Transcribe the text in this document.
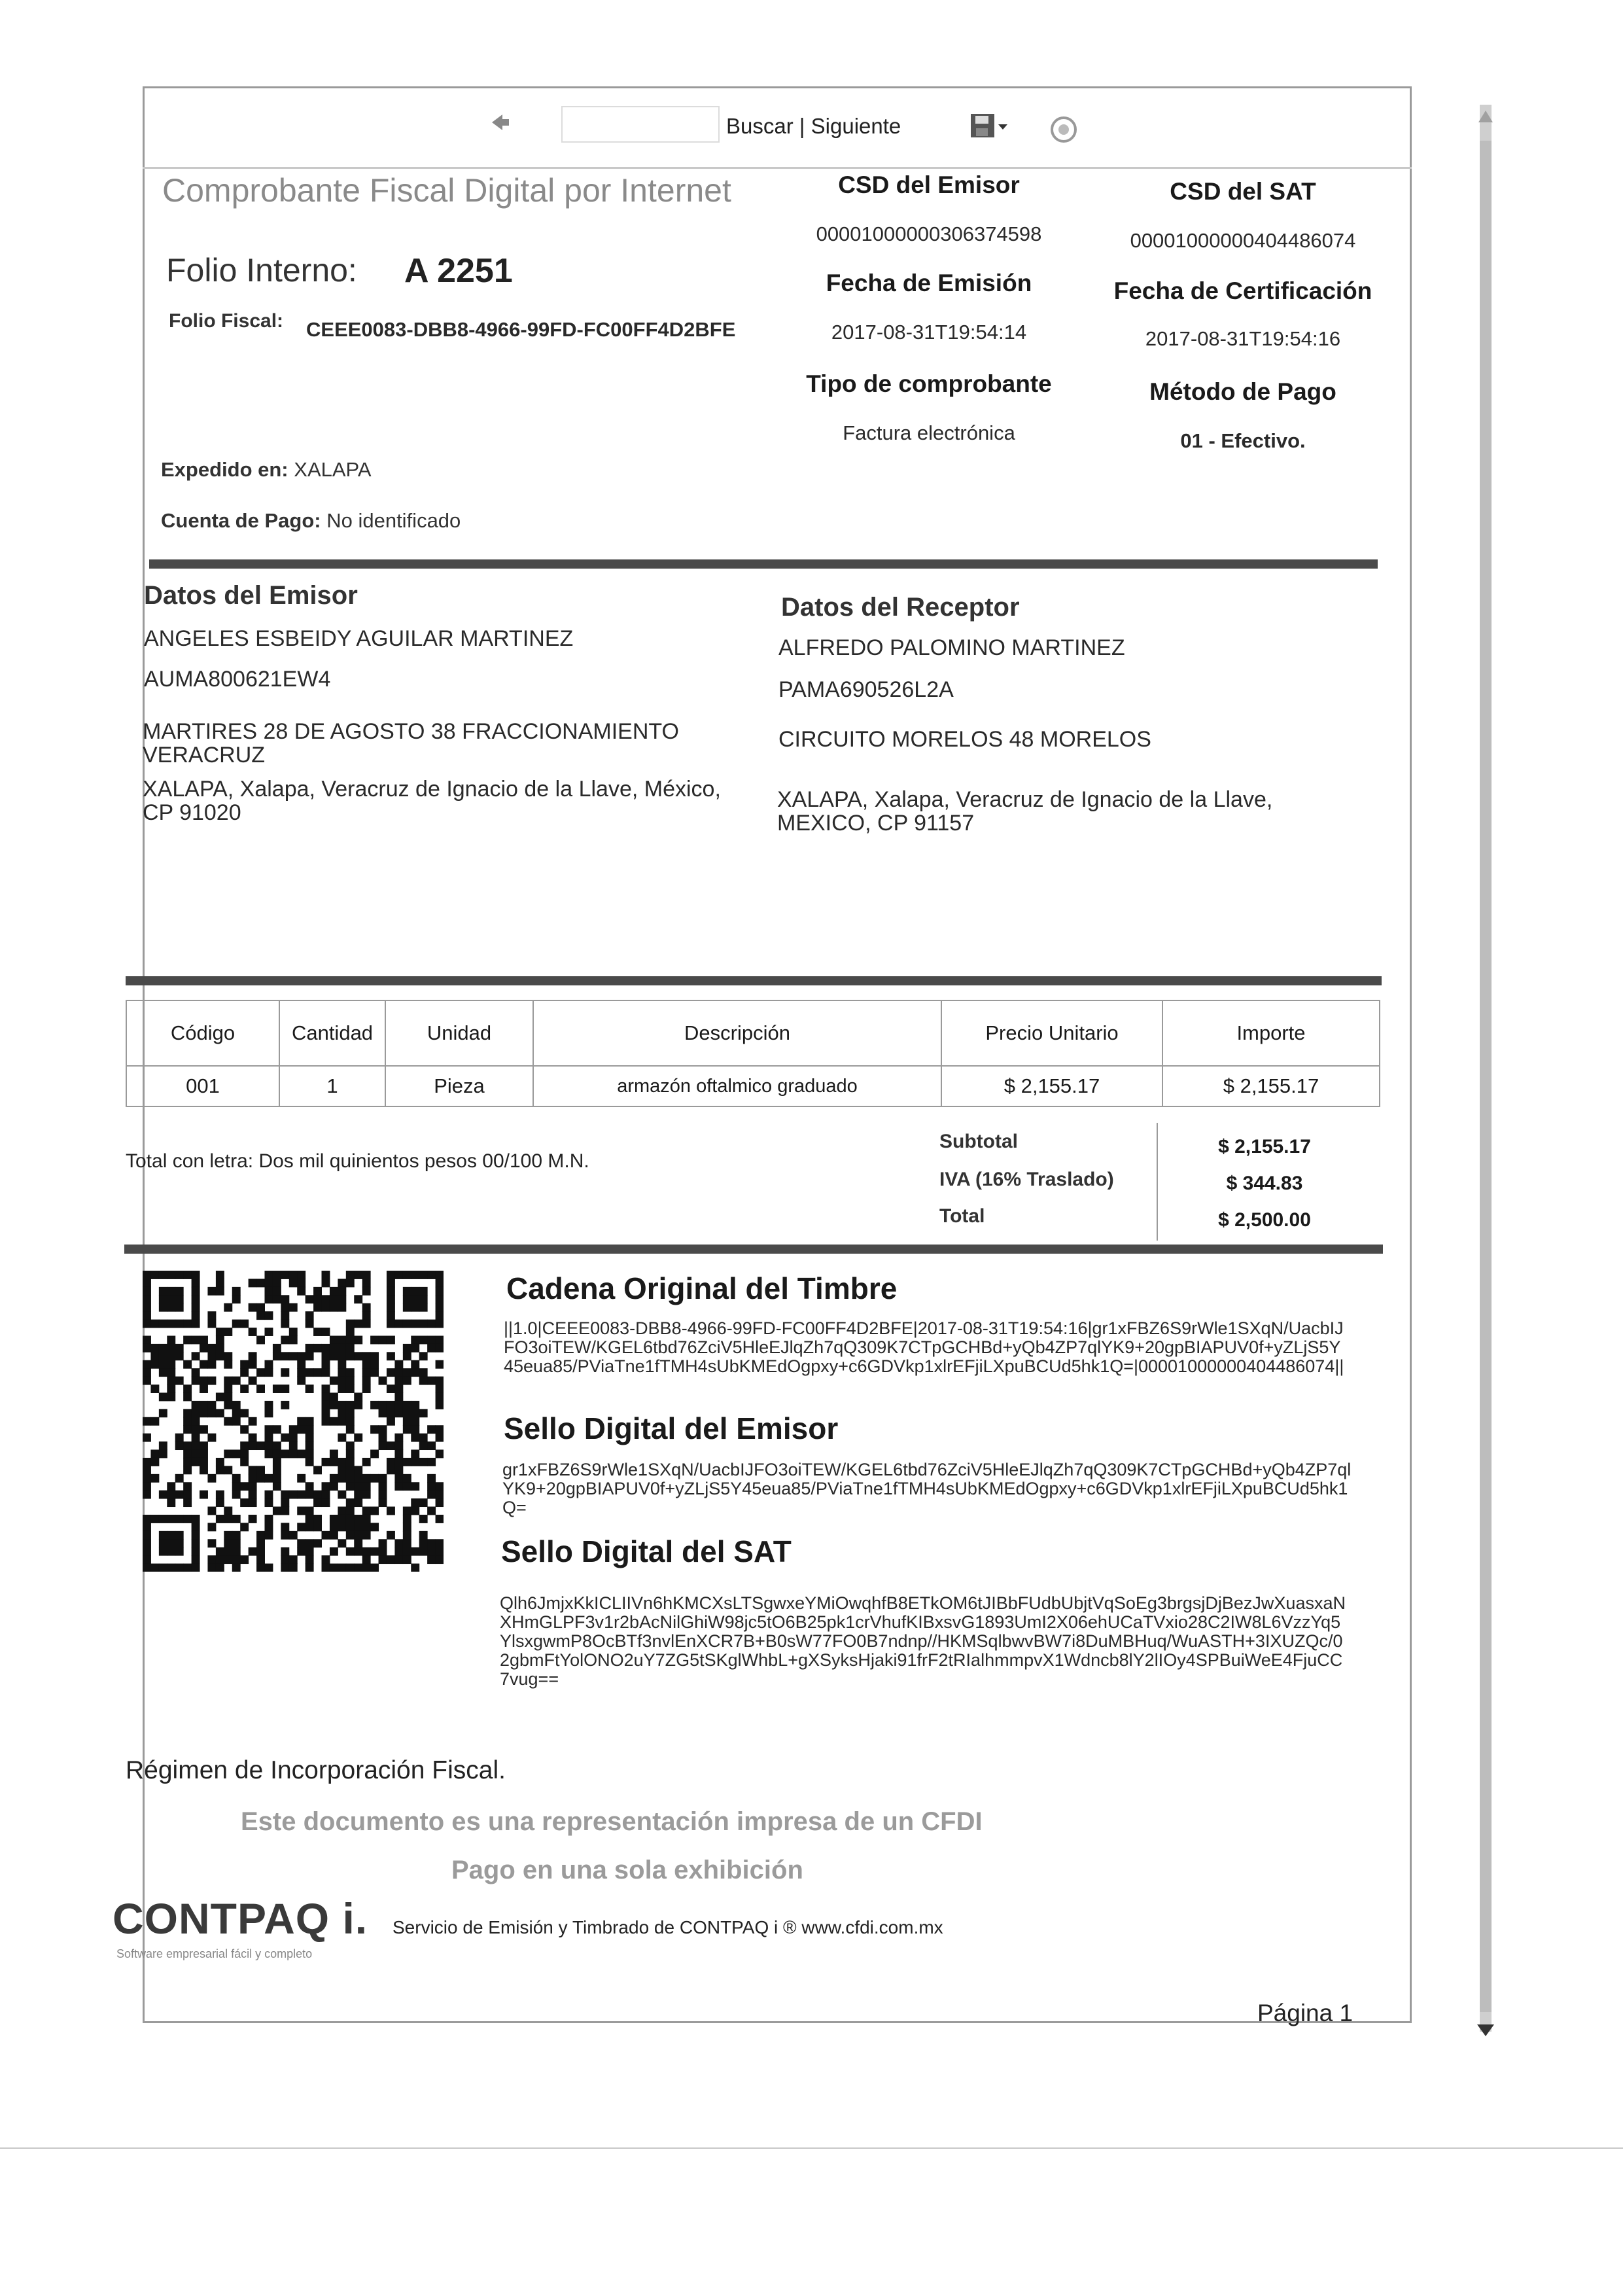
Buscar | Siguiente
Comprobante Fiscal Digital por Internet
Folio Interno: A 2251
Folio Fiscal: CEEE0083-DBB8-4966-99FD-FC00FF4D2BFE
Expedido en: XALAPA
Cuenta de Pago: No identificado
CSD del Emisor
00001000000306374598
Fecha de Emisión
2017-08-31T19:54:14
Tipo de comprobante
Factura electrónica
CSD del SAT
00001000000404486074
Fecha de Certificación
2017-08-31T19:54:16
Método de Pago
01 - Efectivo.
Datos del Emisor
ANGELES ESBEIDY AGUILAR MARTINEZ
AUMA800621EW4
MARTIRES 28 DE AGOSTO 38 FRACCIONAMIENTO
VERACRUZ
XALAPA, Xalapa, Veracruz de Ignacio de la Llave, México,
CP 91020
Datos del Receptor
ALFREDO PALOMINO MARTINEZ
PAMA690526L2A
CIRCUITO MORELOS 48 MORELOS
XALAPA, Xalapa, Veracruz de Ignacio de la Llave,
MEXICO, CP 91157
Código	Cantidad	Unidad	Descripción	Precio Unitario	Importe
001	1	Pieza	armazón oftalmico graduado	$ 2,155.17	$ 2,155.17
Total con letra: Dos mil quinientos pesos 00/100 M.N.
Subtotal	$ 2,155.17
IVA (16% Traslado)	$ 344.83
Total	$ 2,500.00
Cadena Original del Timbre
||1.0|CEEE0083-DBB8-4966-99FD-FC00FF4D2BFE|2017-08-31T19:54:16|gr1xFBZ6S9rWle1SXqN/UacbIJFO3oiTEW/KGEL6tbd76ZciV5HleEJlqZh7qQ309K7CTpGCHBd+yQb4ZP7qlYK9+20gpBIAPUV0f+yZLjS5Y45eua85/PViaTne1fTMH4sUbKMEdOgpxy+c6GDVkp1xlrEFjiLXpuBCUd5hk1Q=|00001000000404486074||
Sello Digital del Emisor
gr1xFBZ6S9rWle1SXqN/UacbIJFO3oiTEW/KGEL6tbd76ZciV5HleEJlqZh7qQ309K7CTpGCHBd+yQb4ZP7qlYK9+20gpBIAPUV0f+yZLjS5Y45eua85/PViaTne1fTMH4sUbKMEdOgpxy+c6GDVkp1xlrEFjiLXpuBCUd5hk1Q=
Sello Digital del SAT
Qlh6JmjxKkICLIIVn6hKMCXsLTSgwxeYMiOwqhfB8ETkOM6tJIBbFUdbUbjtVqSoEg3brgsjDjBezJwXuasxaNXHmGLPF3v1r2bAcNilGhiW98jc5tO6B25pk1crVhufKIBxsvG1893UmI2X06ehUCaTVxio28C2IW8L6VzzYq5YlsxgwmP8OcBTf3nvlEnXCR7B+B0sW77FO0B7ndnp//HKMSqlbwvBW7i8DuMBHuq/WuASTH+3IXUZQc/02gbmFtYolONO2uY7ZG5tSKglWhbL+gXSyksHjaki91frF2tRIalhmmpvX1Wdncb8lY2lIOy4SPBuiWeE4FjuCC7vug==
Régimen de Incorporación Fiscal.
Este documento es una representación impresa de un CFDI
Pago en una sola exhibición
CONTPAQ i.
Software empresarial fácil y completo
Servicio de Emisión y Timbrado de CONTPAQ i ® www.cfdi.com.mx
Página 1
